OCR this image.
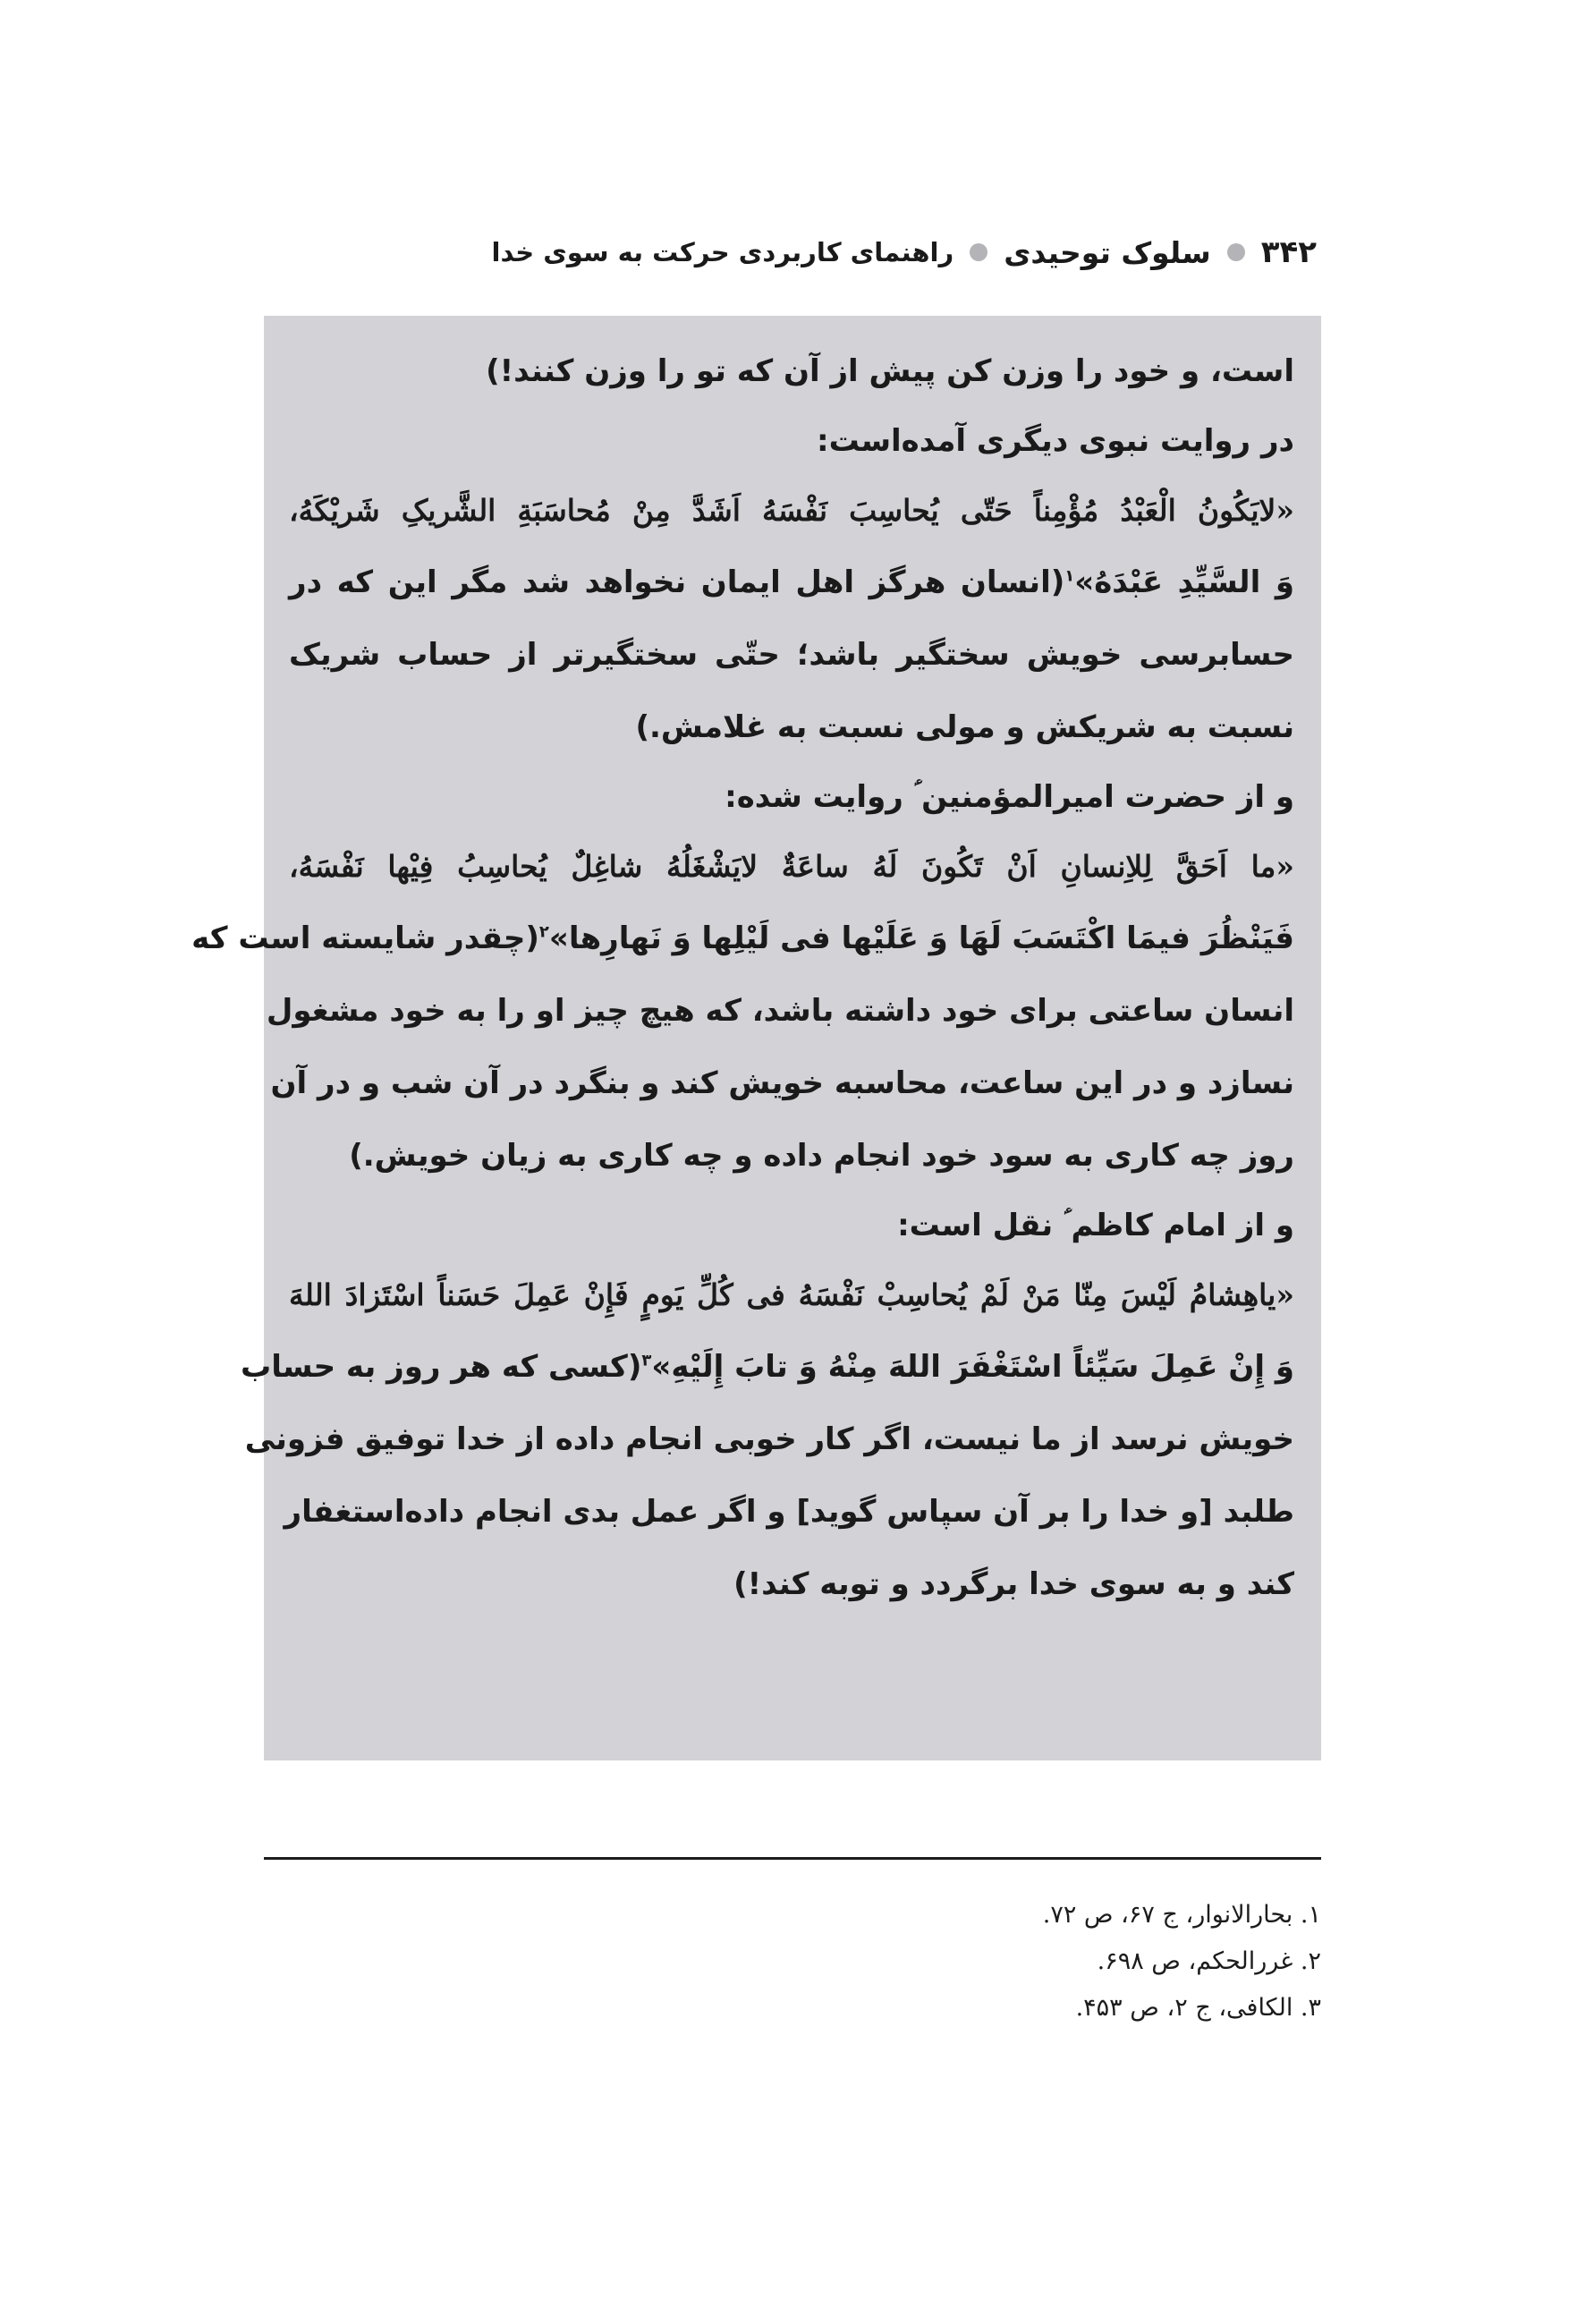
۳۴۲
سلوک توحیدی
راهنمای کاربردی حرکت به سوی خدا
است، و خود را وزن کن پیش از آن که تو را وزن کنند!)
در روایت نبوی دیگری آمده‌است:
«لایَکُونُ الْعَبْدُ مُؤْمِناً حَتّی یُحاسِبَ نَفْسَهُ اَشَدَّ مِنْ مُحاسَبَةِ الشَّریکِ شَریْکَهُ،
وَ السَّیِّدِ عَبْدَهُ»$^۱$(انسان هرگز اهل ایمان نخواهد شد مگر این که در
حسابرسی خویش سختگیر باشد؛ حتّی سختگیرتر از حساب شریک
نسبت به شریکش و مولی نسبت به غلامش.)
و از حضرت امیرالمؤمنین ؑ روایت شده:
«ما اَحَقَّ لِلاِنسانِ اَنْ تَکُونَ لَهُ ساعَةٌ لایَشْغَلُهُ شاغِلٌ یُحاسِبُ فِیْها نَفْسَهُ،
فَیَنْظُرَ فیمَا اکْتَسَبَ لَهَا وَ عَلَیْها فی لَیْلِها وَ نَهارِها»$^۲$(چقدر شایسته است که
انسان ساعتی برای خود داشته باشد، که هیچ چیز او را به خود مشغول
نسازد و در این ساعت، محاسبه خویش کند و بنگرد در آن شب و در آن
روز چه کاری به سود خود انجام داده و چه کاری به زیان خویش.)
و از امام کاظم ؑ نقل است:
«یاهِشامُ لَیْسَ مِنّا مَنْ لَمْ یُحاسِبْ نَفْسَهُ فی کُلِّ یَومٍ فَإِنْ عَمِلَ حَسَناً اسْتَزادَ اللهَ
وَ إِنْ عَمِلَ سَیِّئاً اسْتَغْفَرَ اللهَ مِنْهُ وَ تابَ إِلَیْهِ»$^۳$(کسی که هر روز به حساب
خویش نرسد از ما نیست، اگر کار خوبی انجام داده از خدا توفیق فزونی
طلبد [و خدا را بر آن سپاس گوید] و اگر عمل بدی انجام داده‌استغفار
کند و به سوی خدا برگردد و توبه کند!)
۱. بحارالانوار، ج ۶۷، ص ۷۲.
۲. غررالحکم، ص ۶۹۸.
۳. الکافی، ج ۲، ص ۴۵۳.
